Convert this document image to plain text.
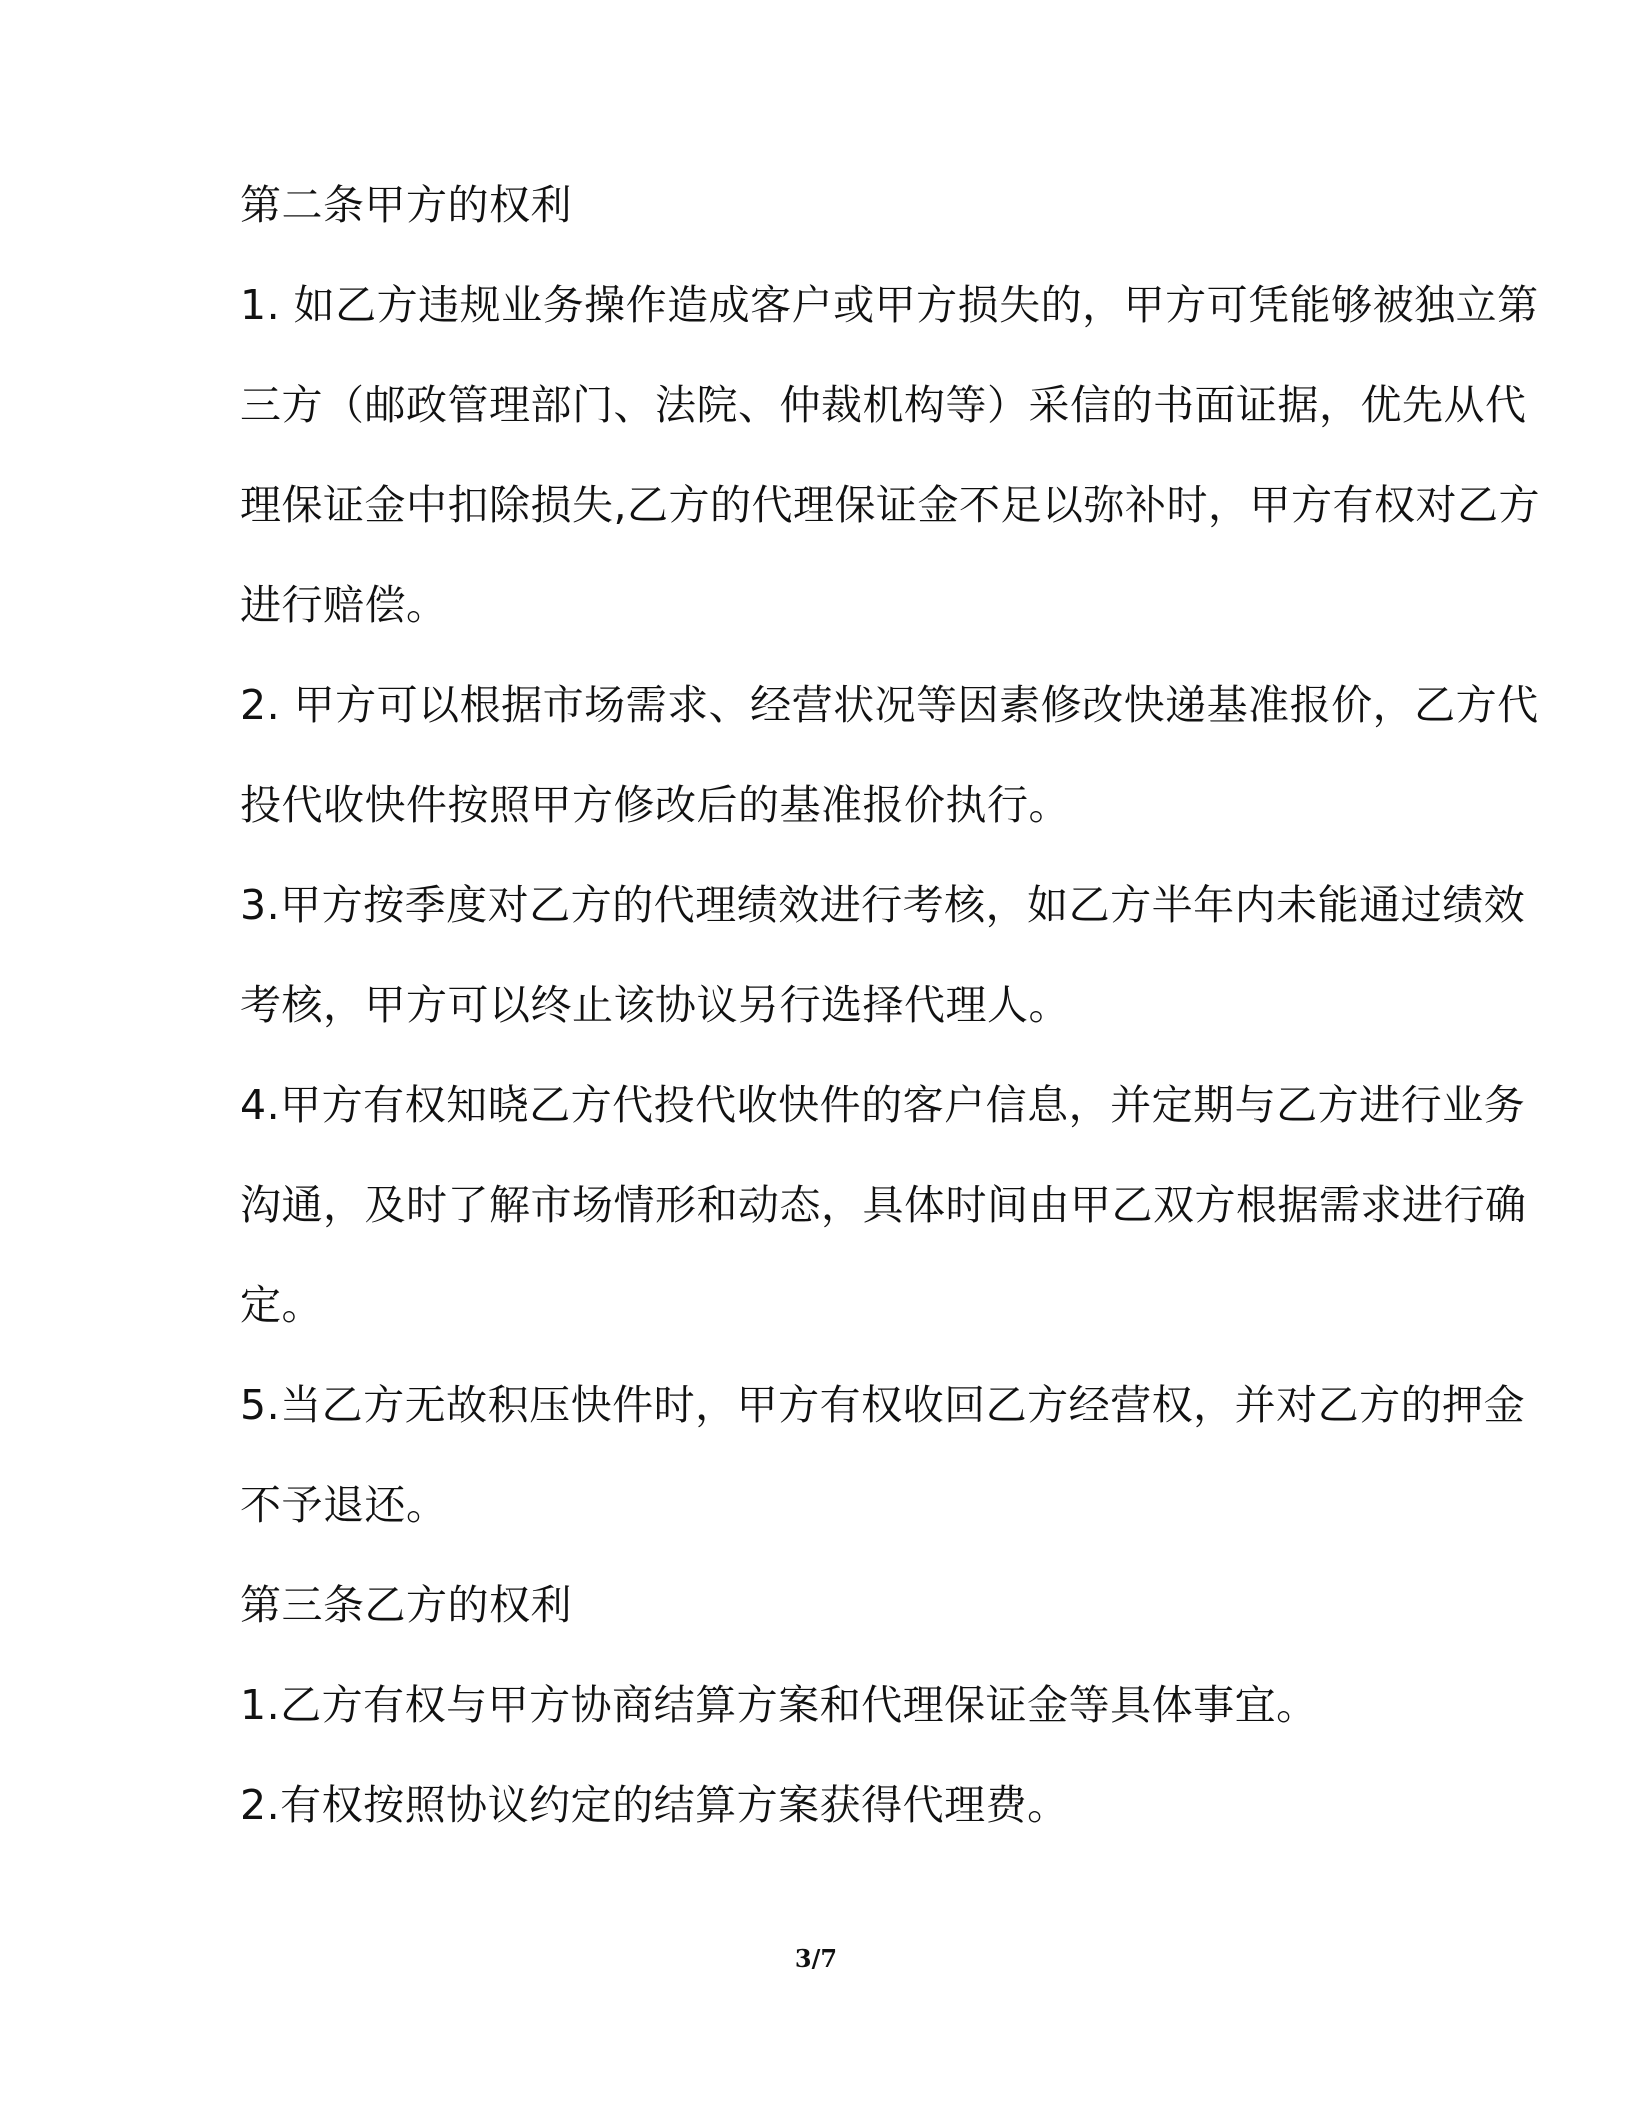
第二条甲方的权利
1. 如乙方违规业务操作造成客户或甲方损失的，甲方可凭能够被独立第
三方（邮政管理部门、法院、仲裁机构等）采信的书面证据，优先从代
理保证金中扣除损失,乙方的代理保证金不足以弥补时，甲方有权对乙方
进行赔偿。
2. 甲方可以根据市场需求、经营状况等因素修改快递基准报价，乙方代
投代收快件按照甲方修改后的基准报价执行。
3.甲方按季度对乙方的代理绩效进行考核，如乙方半年内未能通过绩效
考核，甲方可以终止该协议另行选择代理人。
4.甲方有权知晓乙方代投代收快件的客户信息，并定期与乙方进行业务
沟通，及时了解市场情形和动态，具体时间由甲乙双方根据需求进行确
定。
5.当乙方无故积压快件时，甲方有权收回乙方经营权，并对乙方的押金
不予退还。
第三条乙方的权利
1.乙方有权与甲方协商结算方案和代理保证金等具体事宜。
2.有权按照协议约定的结算方案获得代理费。
3/7
